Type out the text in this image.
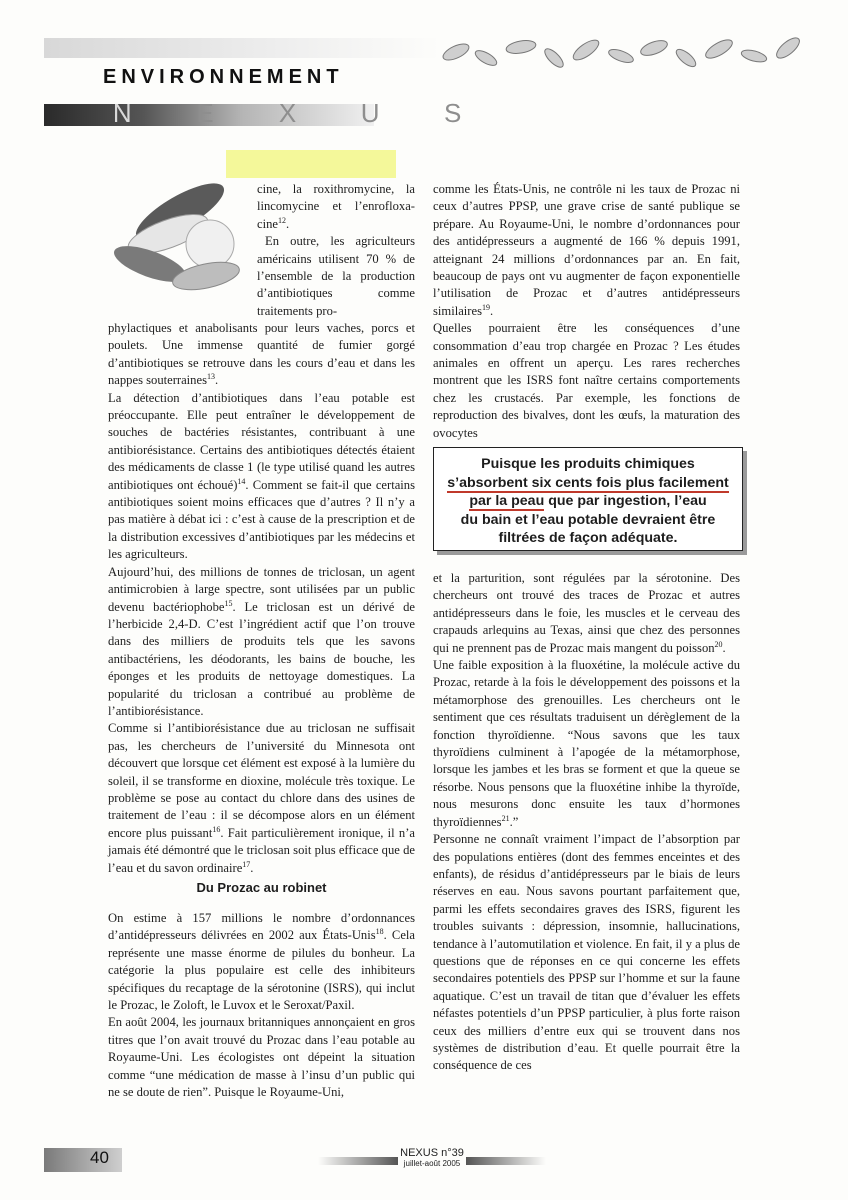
ENVIRONNEMENT
N	E	X	U	S

cine, la roxithromycine, la lincomycine et l’enrofloxa-cine$^{12}$.

En outre, les agriculteurs américains utilisent 70 % de l’ensemble de la production d’antibiotiques comme traitements pro-

phylactiques et anabolisants pour leurs vaches, porcs et poulets. Une immense quantité de fumier gorgé d’antibiotiques se retrouve dans les cours d’eau et dans les nappes souterraines$^{13}$.

La détection d’antibiotiques dans l’eau potable est préoccupante. Elle peut entraîner le développement de souches de bactéries résistantes, contribuant à une antibiorésistance. Certains des antibiotiques détectés étaient des médicaments de classe 1 (le type utilisé quand les autres antibiotiques ont échoué)$^{14}$. Comment se fait-il que certains antibiotiques soient moins efficaces que d’autres ? Il n’y a pas matière à débat ici : c’est à cause de la prescription et de la distribution excessives d’antibiotiques par les médecins et les agriculteurs.

Aujourd’hui, des millions de tonnes de triclosan, un agent antimicrobien à large spectre, sont utilisées par un public devenu bactériophobe$^{15}$. Le triclosan est un dérivé de l’herbicide 2,4-D. C’est l’ingrédient actif que l’on trouve dans des milliers de produits tels que les savons antibactériens, les déodorants, les bains de bouche, les éponges et les produits de nettoyage domestiques. La popularité du triclosan a contribué au problème de l’antibiorésistance.

Comme si l’antibiorésistance due au triclosan ne suffisait pas, les chercheurs de l’université du Minnesota ont découvert que lorsque cet élément est exposé à la lumière du soleil, il se transforme en dioxine, molécule très toxique. Le problème se pose au contact du chlore dans des usines de traitement de l’eau : il se décompose alors en un élément encore plus puissant$^{16}$. Fait particulièrement ironique, il n’a jamais été démontré que le triclosan soit plus efficace que de l’eau et du savon ordinaire$^{17}$.

Du Prozac au robinet

On estime à 157 millions le nombre d’ordonnances d’antidépresseurs délivrées en 2002 aux États-Unis$^{18}$. Cela représente une masse énorme de pilules du bonheur. La catégorie la plus populaire est celle des inhibiteurs spécifiques du recaptage de la sérotonine (ISRS), qui inclut le Prozac, le Zoloft, le Luvox et le Seroxat/Paxil.

En août 2004, les journaux britanniques annonçaient en gros titres que l’on avait trouvé du Prozac dans l’eau potable au Royaume-Uni. Les écologistes ont dépeint la situation comme “une médication de masse à l’insu d’un public qui ne se doute de rien”. Puisque le Royaume-Uni,

comme les États-Unis, ne contrôle ni les taux de Prozac ni ceux d’autres PPSP, une grave crise de santé publique se prépare. Au Royaume-Uni, le nombre d’ordonnances pour des antidépresseurs a augmenté de 166 % depuis 1991, atteignant 24 millions d’ordonnances par an. En fait, beaucoup de pays ont vu augmenter de façon exponentielle l’utilisation de Prozac et d’autres antidépresseurs similaires$^{19}$.

Quelles pourraient être les conséquences d’une consommation d’eau trop chargée en Prozac ? Les études animales en offrent un aperçu. Les rares recherches montrent que les ISRS font naître certains comportements chez les crustacés. Par exemple, les fonctions de reproduction des bivalves, dont les œufs, la maturation des ovocytes

Puisque les produits chimiques

s’absorbent six cents fois plus facilement

par la peau que par ingestion, l’eau

du bain et l’eau potable devraient être

filtrées de façon adéquate.

et la parturition, sont régulées par la sérotonine. Des chercheurs ont trouvé des traces de Prozac et autres antidépresseurs dans le foie, les muscles et le cerveau des crapauds arlequins au Texas, ainsi que chez des personnes qui ne prennent pas de Prozac mais mangent du poisson$^{20}$.

Une faible exposition à la fluoxétine, la molécule active du Prozac, retarde à la fois le développement des poissons et la métamorphose des grenouilles. Les chercheurs ont le sentiment que ces résultats traduisent un dérèglement de la fonction thyroïdienne. “Nous savons que les taux thyroïdiens culminent à l’apogée de la métamorphose, lorsque les jambes et les bras se forment et que la queue se résorbe. Nous pensons que la fluoxétine inhibe la thyroïde, nous mesurons donc ensuite les taux d’hormones thyroïdiennes$^{21}$.”

Personne ne connaît vraiment l’impact de l’absorption par des populations entières (dont des femmes enceintes et des enfants), de résidus d’antidépresseurs par le biais de leurs réserves en eau. Nous savons pourtant parfaitement que, parmi les effets secondaires graves des ISRS, figurent les troubles suivants : dépression, insomnie, hallucinations, tendance à l’automutilation et violence. En fait, il y a plus de questions que de réponses en ce qui concerne les effets secondaires potentiels des PPSP sur l’homme et sur la faune aquatique. C’est un travail de titan que d’évaluer les effets néfastes potentiels d’un PPSP particulier, à plus forte raison ceux des milliers d’entre eux qui se trouvent dans nos systèmes de distribution d’eau. Et quelle pourrait être la conséquence de ces

40	NEXUS n°39
juillet-août 2005
